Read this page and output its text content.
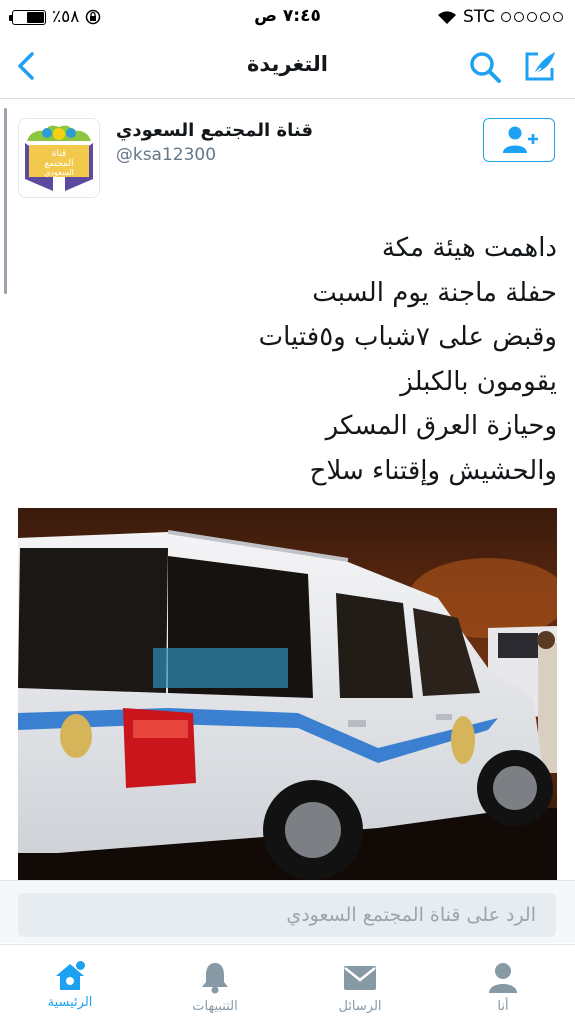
٪٥٨	٧:٤٥ ص	STC
التغريدة
قناة
المجتمع
السعودي
قناة المجتمع السعودي
@ksa12300
داهمت هيئة مكة
حفلة ماجنة يوم السبت
وقبض على ٧شباب و٥فتيات
يقومون بالكبلز
وحيازة العرق المسكر
والحشيش وإقتناء سلاح
الرد على قناة المجتمع السعودي
الرئيسية	التنبيهات	الرسائل	أنا
